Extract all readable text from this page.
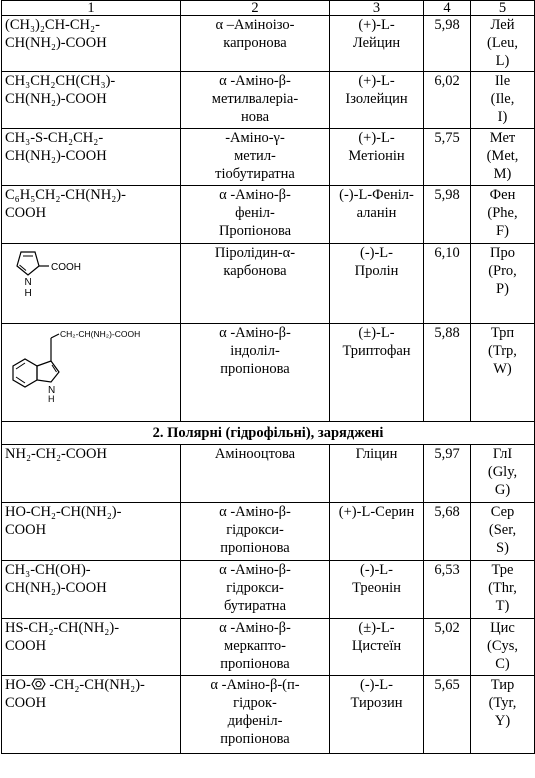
1	2	3	4	5

(CH₃)₂CH-CH₂-
CH(NH₂)-COOH	α –Аміноізо-
капронова	(+)-L-
Лейцин	5,98	Лей
(Leu,
L)

CH₃CH₂CH(CH₃)-
CH(NH₂)-COOH	α -Аміно-β-
метилвалеріа-
нова	(+)-L-
Ізолейцин	6,02	Іle
(Ile,
I)

CH₃-S-CH₂CH₂-
CH(NH₂)-COOH	-Аміно-γ-
метил-
тіобутиратна	(+)-L-
Метіонін	5,75	Мет
(Met,
M)

C₆H₅CH₂-CH(NH₂)-
COOH	α -Аміно-β-
феніл-
Пропіонова	(-)-L-Феніл-
аланін	5,98	Фен
(Phe,
F)

COOH
N
H	Піролідин-α-
карбонова	(-)-L-
Пролін	6,10	Про
(Pro,
P)

CH₂-CH(NH₂)-COOH
N
H	α -Аміно-β-
індоліл-
пропіонова	(±)-L-
Триптофан	5,88	Трп
(Trp,
W)

2. Полярні (гідрофільні), заряджені				

NH₂-CH₂-COOH	Амінооцтова	Гліцин	5,97	ГлІ
(Gly,
G)

HO-CH₂-CH(NH₂)-
COOH	α -Аміно-β-
гідрокси-
пропіонова	(+)-L-Серин	5,68	Сер
(Ser,
S)

CH₃-CH(OH)-
CH(NH₂)-COOH	α -Аміно-β-
гідрокси-
бутиратна	(-)-L-
Треонін	6,53	Тре
(Thr,
T)

HS-CH₂-CH(NH₂)-
COOH	α -Аміно-β-
меркапто-
пропіонова	(±)-L-
Цистеїн	5,02	Цис
(Cys,
C)

HO- -CH₂-CH(NH₂)-
COOH	α -Аміно-β-(п-
гідрок-
дифеніл-
пропіонова	(-)-L-
Тирозин	5,65	Тир
(Tyr,
Y)
